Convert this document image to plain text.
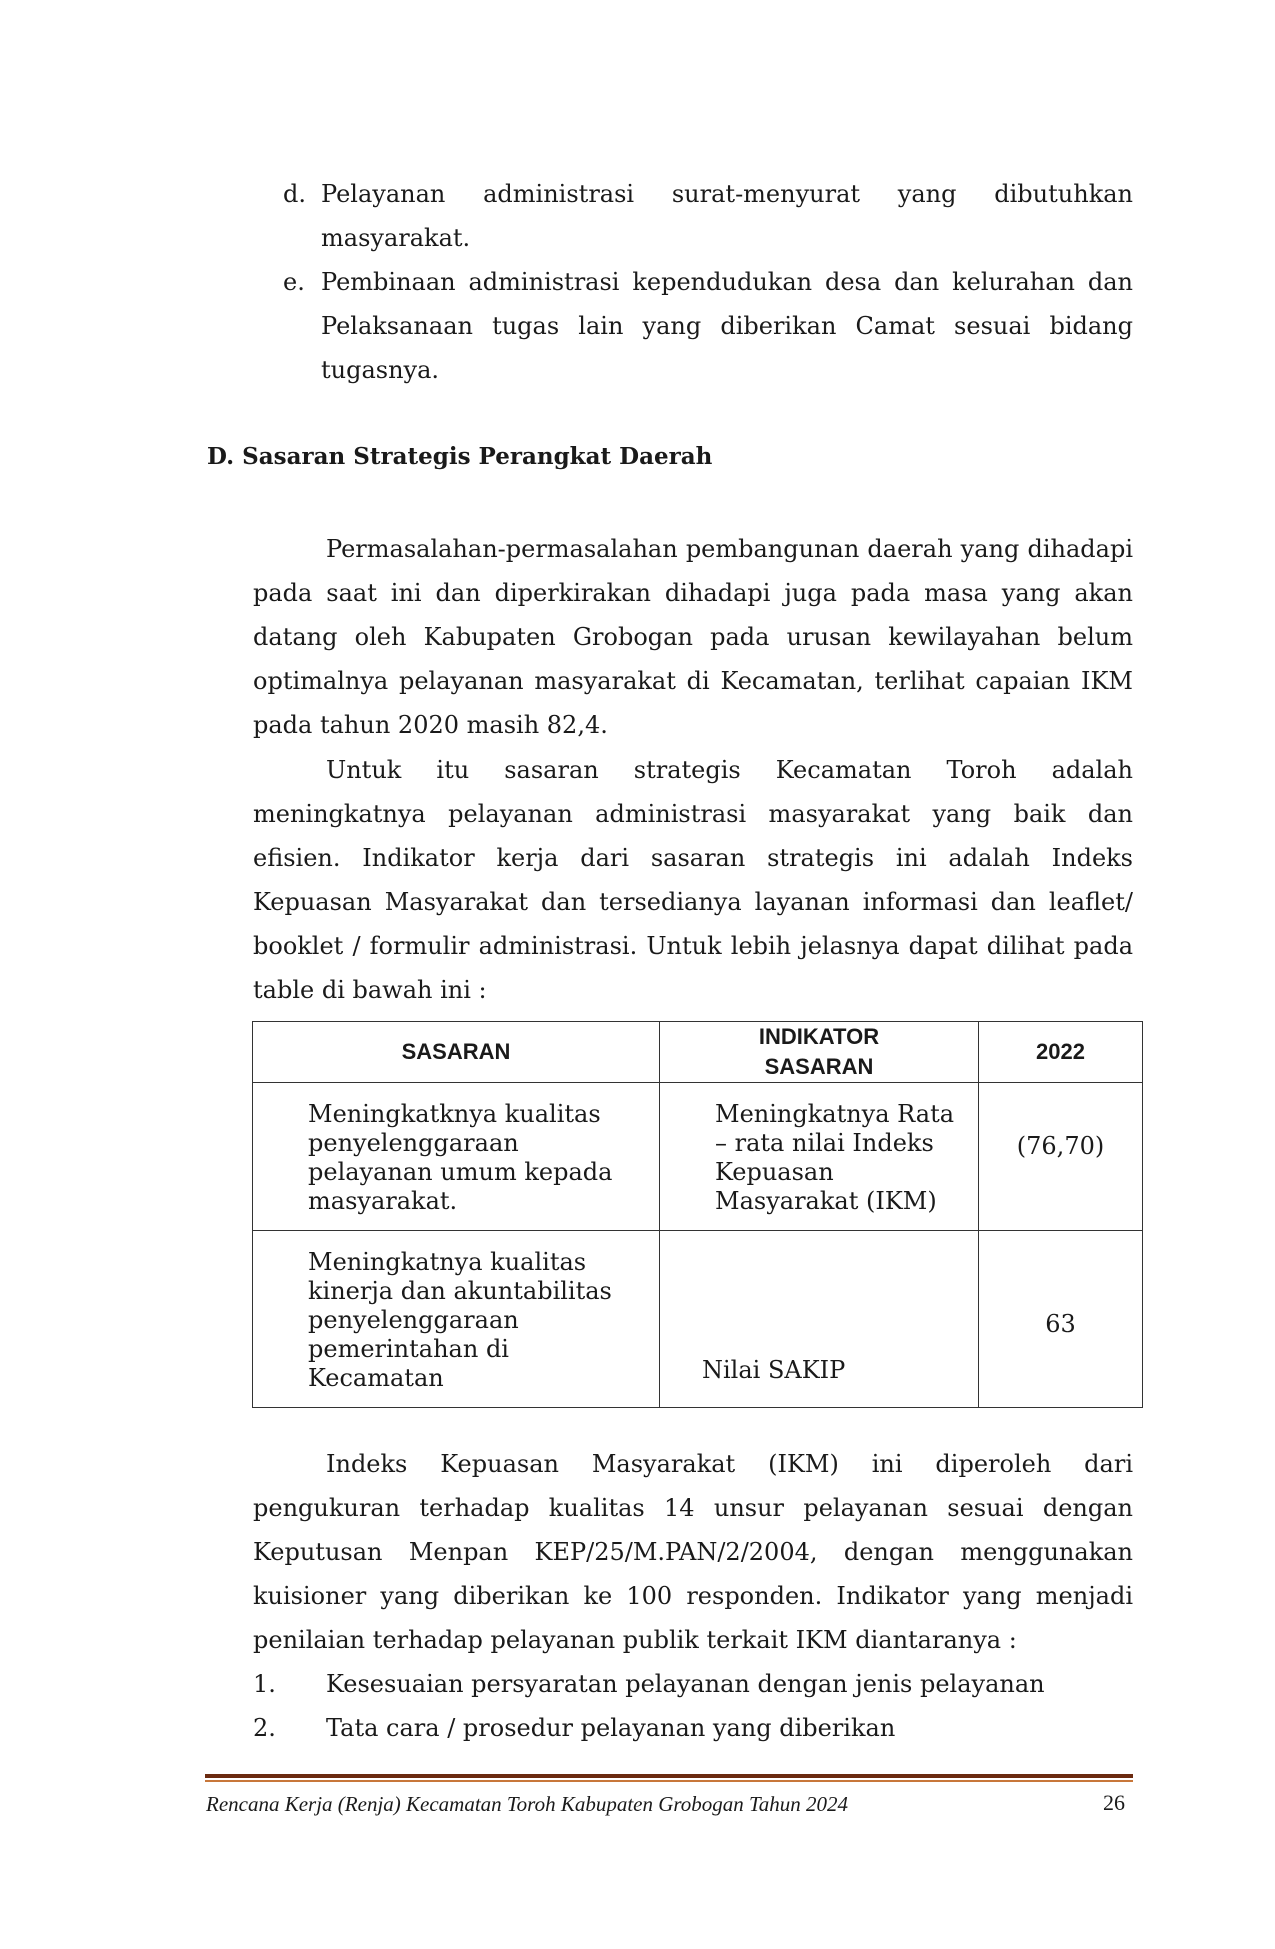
d. Pelayanan administrasi surat-menyurat yang dibutuhkan masyarakat.

e. Pembinaan administrasi kependudukan desa dan kelurahan dan Pelaksanaan tugas lain yang diberikan Camat sesuai bidang tugasnya.

D. Sasaran Strategis Perangkat Daerah

Permasalahan-permasalahan pembangunan daerah yang dihadapi pada saat ini dan diperkirakan dihadapi juga pada masa yang akan datang oleh Kabupaten Grobogan pada urusan kewilayahan belum optimalnya pelayanan masyarakat di Kecamatan, terlihat capaian IKM pada tahun 2020 masih 82,4.

Untuk itu sasaran strategis Kecamatan Toroh adalah meningkatnya pelayanan administrasi masyarakat yang baik dan efisien. Indikator kerja dari sasaran strategis ini adalah Indeks Kepuasan Masyarakat dan tersedianya layanan informasi dan leaflet/ booklet / formulir administrasi. Untuk lebih jelasnya dapat dilihat pada table di bawah ini :

SASARAN	INDIKATOR SASARAN	2022

Meningkatknya kualitas penyelenggaraan pelayanan umum kepada masyarakat.	Meningkatnya Rata – rata nilai Indeks Kepuasan Masyarakat (IKM)	(76,70)

Meningkatnya kualitas kinerja dan akuntabilitas penyelenggaraan pemerintahan di Kecamatan	Nilai SAKIP	63

Indeks Kepuasan Masyarakat (IKM) ini diperoleh dari pengukuran terhadap kualitas 14 unsur pelayanan sesuai dengan Keputusan Menpan KEP/25/M.PAN/2/2004, dengan menggunakan kuisioner yang diberikan ke 100 responden. Indikator yang menjadi penilaian terhadap pelayanan publik terkait IKM diantaranya :

1. Kesesuaian persyaratan pelayanan dengan jenis pelayanan

2. Tata cara / prosedur pelayanan yang diberikan

Rencana Kerja (Renja) Kecamatan Toroh Kabupaten Grobogan Tahun 2024	26
